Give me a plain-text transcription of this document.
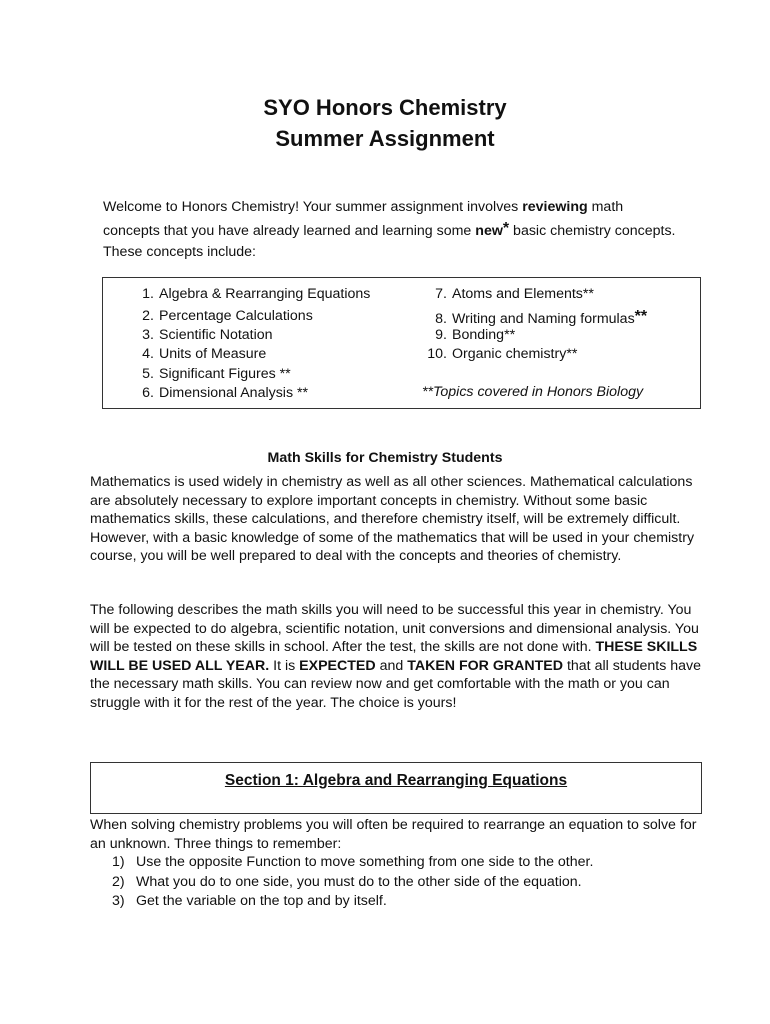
SYO Honors Chemistry
Summer Assignment
Welcome to Honors Chemistry! Your summer assignment involves reviewing math concepts that you have already learned and learning some new* basic chemistry concepts. These concepts include:
1. Algebra & Rearranging Equations
2. Percentage Calculations
3. Scientific Notation
4. Units of Measure
5. Significant Figures **
6. Dimensional Analysis **
7. Atoms and Elements**
8. Writing and Naming formulas**
9. Bonding**
10. Organic chemistry**
**Topics covered in Honors Biology
Math Skills for Chemistry Students
Mathematics is used widely in chemistry as well as all other sciences. Mathematical calculations are absolutely necessary to explore important concepts in chemistry. Without some basic mathematics skills, these calculations, and therefore chemistry itself, will be extremely difficult. However, with a basic knowledge of some of the mathematics that will be used in your chemistry course, you will be well prepared to deal with the concepts and theories of chemistry.
The following describes the math skills you will need to be successful this year in chemistry. You will be expected to do algebra, scientific notation, unit conversions and dimensional analysis. You will be tested on these skills in school. After the test, the skills are not done with. THESE SKILLS WILL BE USED ALL YEAR. It is EXPECTED and TAKEN FOR GRANTED that all students have the necessary math skills. You can review now and get comfortable with the math or you can struggle with it for the rest of the year. The choice is yours!
Section 1: Algebra and Rearranging Equations
When solving chemistry problems you will often be required to rearrange an equation to solve for an unknown. Three things to remember:
1) Use the opposite Function to move something from one side to the other.
2) What you do to one side, you must do to the other side of the equation.
3) Get the variable on the top and by itself.
